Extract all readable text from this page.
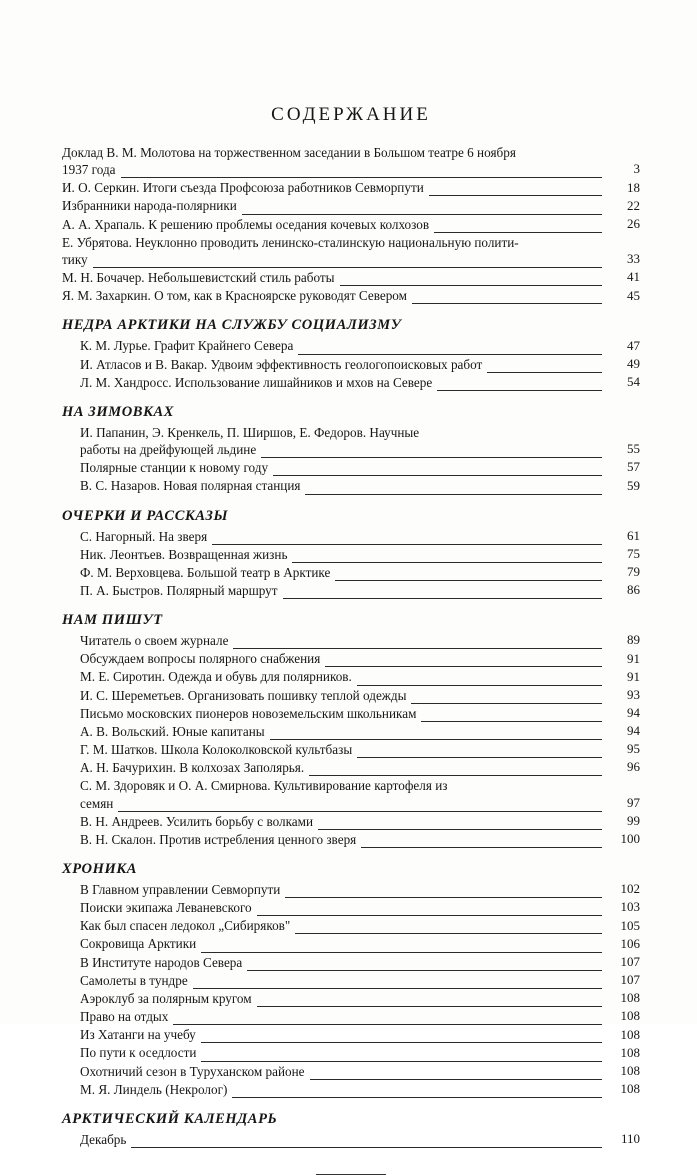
СОДЕРЖАНИЕ
Доклад В. М. Молотова на торжественном заседании в Большом театре 6 ноября
1937 года	3
И. О. Серкин. Итоги съезда Профсоюза работников Севморпути	18
Избранники народа-полярники	22
А. А. Храпаль. К решению проблемы оседания кочевых колхозов	26
Е. Убрятова. Неуклонно проводить ленинско-сталинскую национальную полити-
тику	33
М. Н. Бочачер. Небольшевистский стиль работы	41
Я. М. Захаркин. О том, как в Красноярске руководят Севером	45
НЕДРА АРКТИКИ НА СЛУЖБУ СОЦИАЛИЗМУ
К. М. Лурье. Графит Крайнего Севера	47
И. Атласов и В. Вакар. Удвоим эффективность геологопоисковых работ	49
Л. М. Хандросс. Использование лишайников и мхов на Севере	54
НА ЗИМОВКАХ
И. Папанин, Э. Кренкель, П. Ширшов, Е. Федоров. Научные
работы на дрейфующей льдине	55
Полярные станции к новому году	57
В. С. Назаров. Новая полярная станция	59
ОЧЕРКИ И РАССКАЗЫ
С. Нагорный. На зверя	61
Ник. Леонтьев. Возвращенная жизнь	75
Ф. М. Верховцева. Большой театр в Арктике	79
П. А. Быстров. Полярный маршрут	86
НАМ ПИШУТ
Читатель о своем журнале	89
Обсуждаем вопросы полярного снабжения	91
М. Е. Сиротин. Одежда и обувь для полярников.	91
И. С. Шереметьев. Организовать пошивку теплой одежды	93
Письмо московских пионеров новоземельским школьникам	94
А. В. Вольский. Юные капитаны	94
Г. М. Шатков. Школа Колоколковской культбазы	95
А. Н. Бачурихин. В колхозах Заполярья.	96
С. М. Здоровяк и О. А. Смирнова. Культивирование картофеля из
семян	97
В. Н. Андреев. Усилить борьбу с волками	99
В. Н. Скалон. Против истребления ценного зверя	100
ХРОНИКА
В Главном управлении Севморпути	102
Поиски экипажа Леваневского	103
Как был спасен ледокол „Сибиряков"	105
Сокровища Арктики	106
В Институте народов Севера	107
Самолеты в тундре	107
Аэроклуб за полярным кругом	108
Право на отдых	108
Из Хатанги на учебу	108
По пути к оседлости	108
Охотничий сезон в Туруханском районе	108
М. Я. Линдель (Некролог)	108
АРКТИЧЕСКИЙ КАЛЕНДАРЬ
Декабрь	110
